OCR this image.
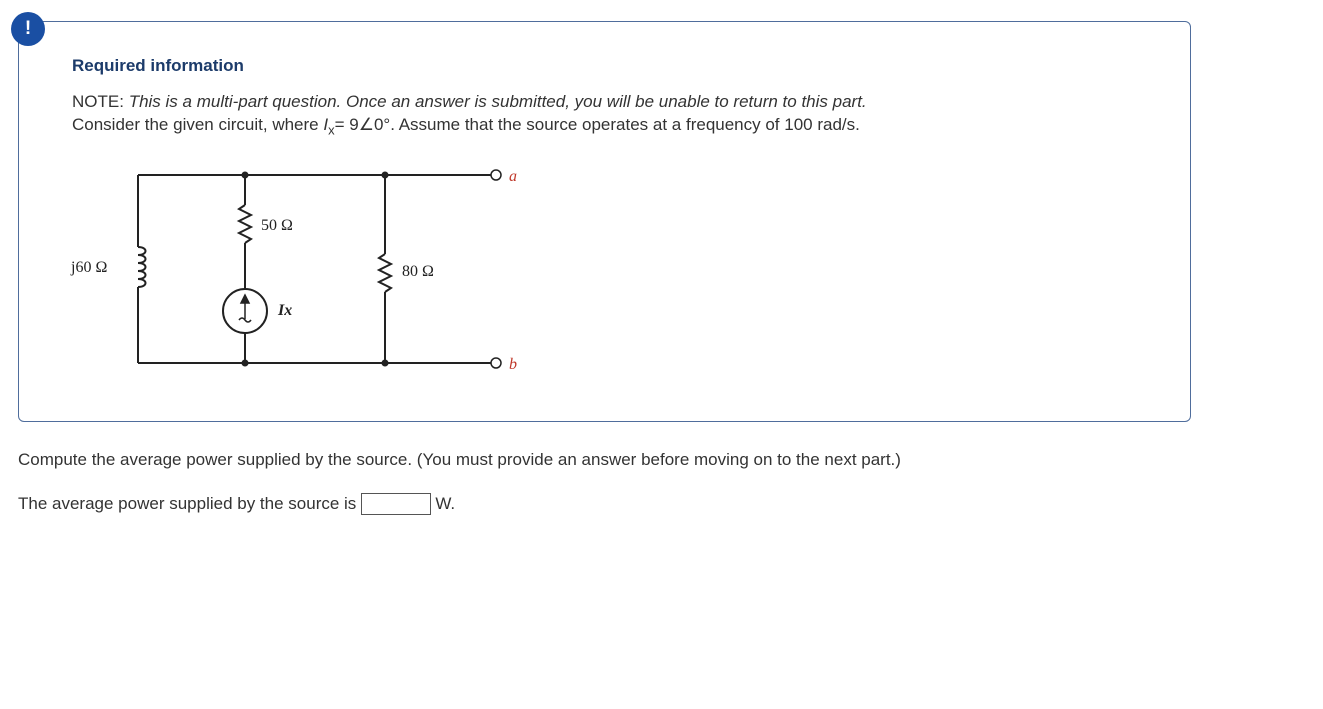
!
Required information
NOTE: This is a multi-part question. Once an answer is submitted, you will be unable to return to this part.
Consider the given circuit, where $I_x=$ 9∠0°. Assume that the source operates at a frequency of 100 rad/s.
j60 Ω
50 Ω
80 Ω
Ix
a
b
Compute the average power supplied by the source. (You must provide an answer before moving on to the next part.)
The average power supplied by the source is	W.
